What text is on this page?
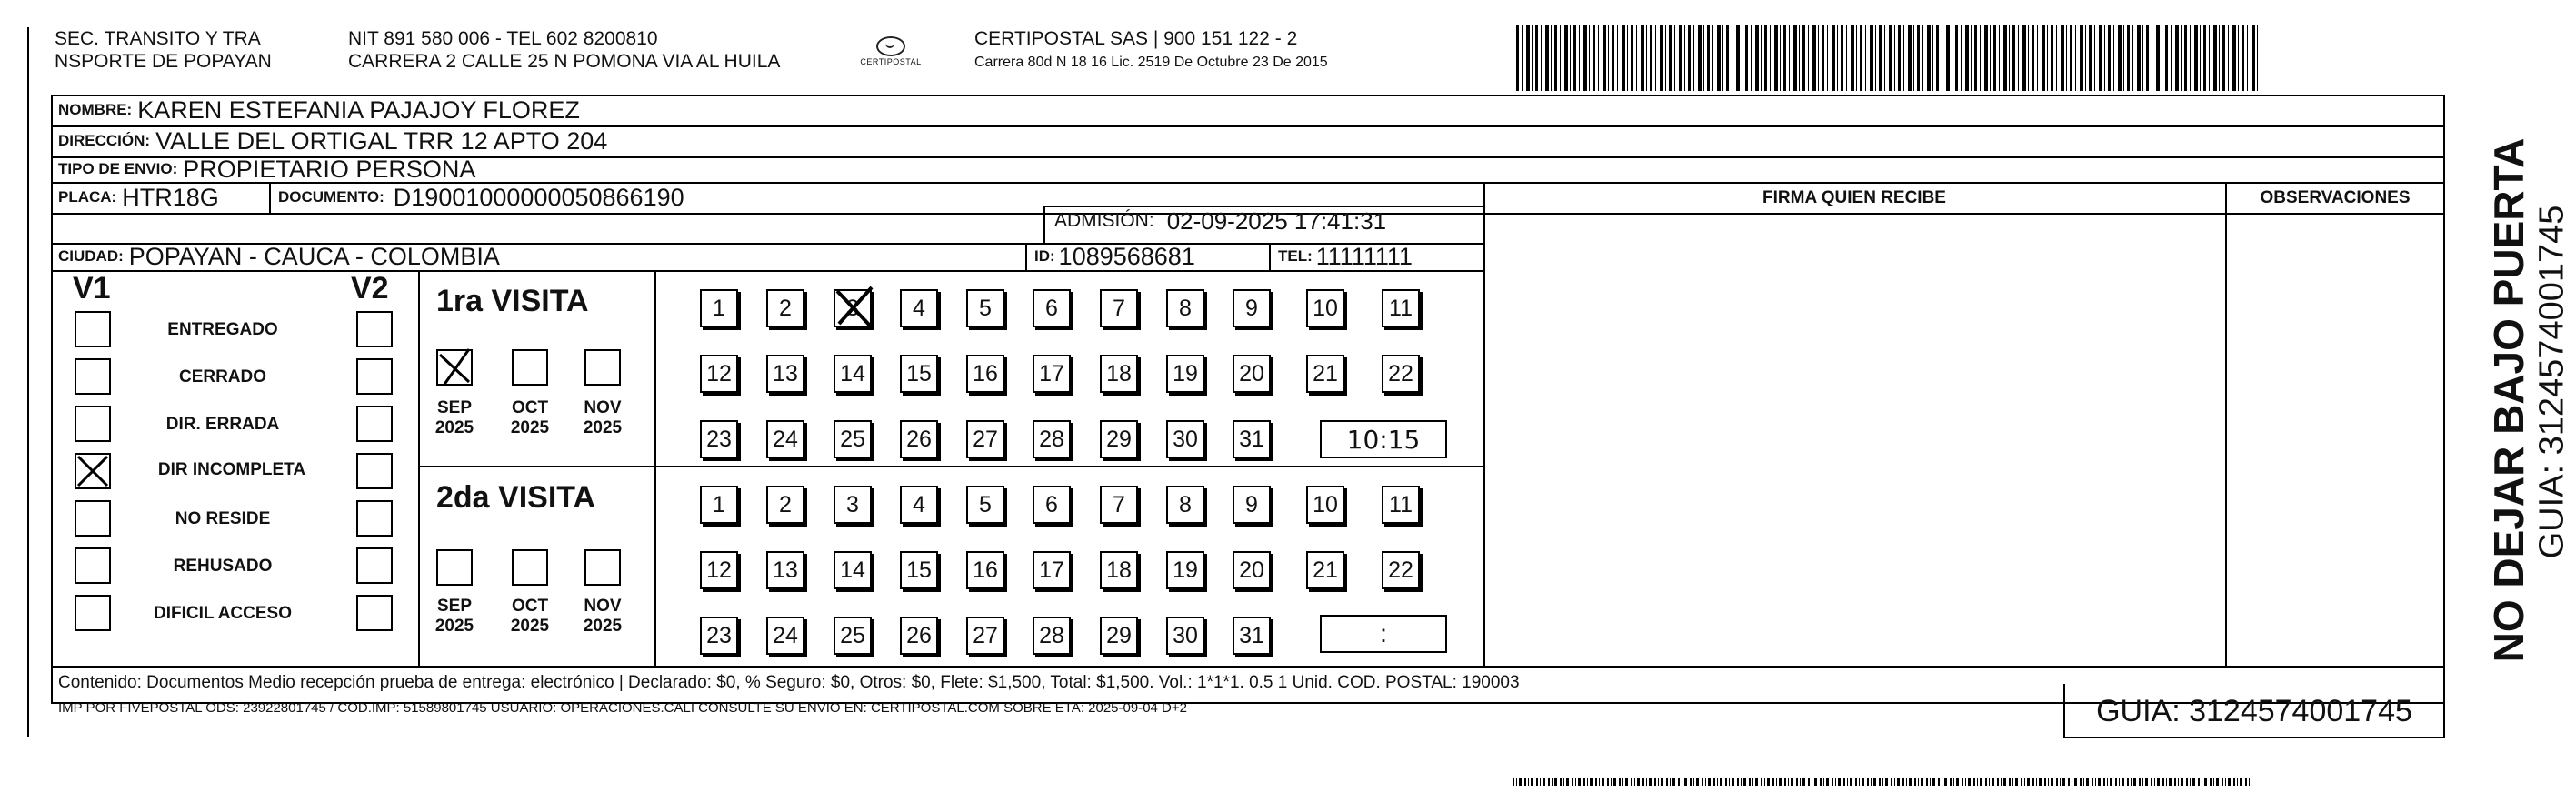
SEC. TRANSITO Y TRA
NSPORTE DE POPAYAN
NIT 891 580 006 - TEL 602 8200810
CARRERA 2 CALLE 25 N POMONA VIA AL HUILA	CERTIPOSTAL
CERTIPOSTAL SAS | 900 151 122 - 2
Carrera 80d N 18 16 Lic. 2519 De Octubre 23 De 2015
NOMBRE: KAREN ESTEFANIA PAJAJOY FLOREZ
DIRECCIÓN: VALLE DEL ORTIGAL TRR 12 APTO 204
TIPO DE ENVIO: PROPIETARIO PERSONA
PLACA: HTR18G	DOCUMENTO: D19001000000050866190
ADMISIÓN: 02-09-2025 17:41:31
CIUDAD: POPAYAN - CAUCA - COLOMBIA	ID: 1089568681	TEL: 11111111
FIRMA QUIEN RECIBE	OBSERVACIONES
V1	V2
ENTREGADO
CERRADO
DIR. ERRADA
DIR INCOMPLETA
NO RESIDE
REHUSADO
DIFICIL ACCESO
1ra VISITA
SEP
2025
OCT
2025
NOV
2025
1	2	3	4	5	6	7	8	9	10	11
12 13 14 15 16 17 18 19 20 21 22
23 24 25 26 27 28 29 30 31	10:15
2da VISITA
SEP
2025
OCT
2025
NOV
2025
1	2	3	4	5	6	7	8	9	10	11
12 13 14 15 16 17 18 19 20 21 22
23 24 25 26 27 28 29 30 31	:
Contenido: Documentos Medio recepción prueba de entrega: electrónico | Declarado: $0, % Seguro: $0, Otros: $0, Flete: $1,500, Total: $1,500. Vol.: 1*1*1. 0.5 1 Unid. COD. POSTAL: 190003
IMP POR FIVEPOSTAL ODS: 23922801745 / COD.IMP: 51589801745 USUARIO: OPERACIONES.CALI CONSULTE SU ENVIO EN: CERTIPOSTAL.COM SOBRE ETA: 2025-09-04 D+2	GUIA: 3124574001745
NO DEJAR BAJO PUERTA GUIA: 3124574001745
